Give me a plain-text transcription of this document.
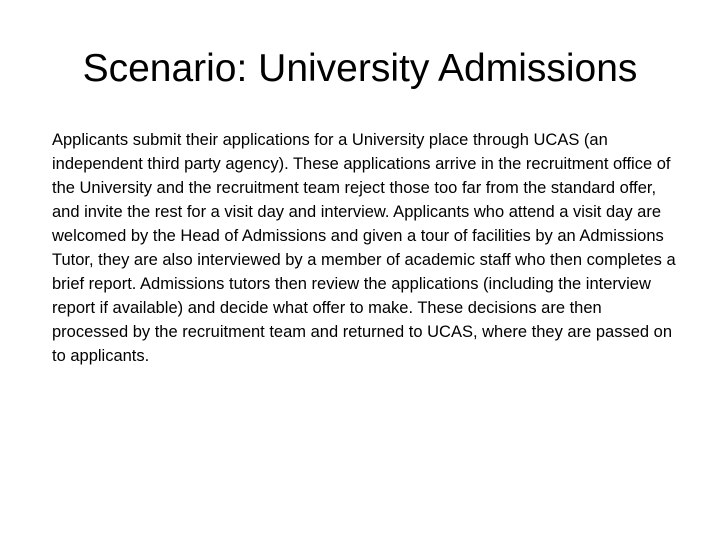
Scenario: University Admissions

Applicants submit their applications for a University place through UCAS (an independent third party agency). These applications arrive in the recruitment office of the University and the recruitment team reject those too far from the standard offer, and invite the rest for a visit day and interview. Applicants who attend a visit day are welcomed by the Head of Admissions and given a tour of facilities by an Admissions Tutor, they are also interviewed by a member of academic staff who then completes a brief report. Admissions tutors then review the applications (including the interview report if available) and decide what offer to make. These decisions are then processed by the recruitment team and returned to UCAS, where they are passed on to applicants.
